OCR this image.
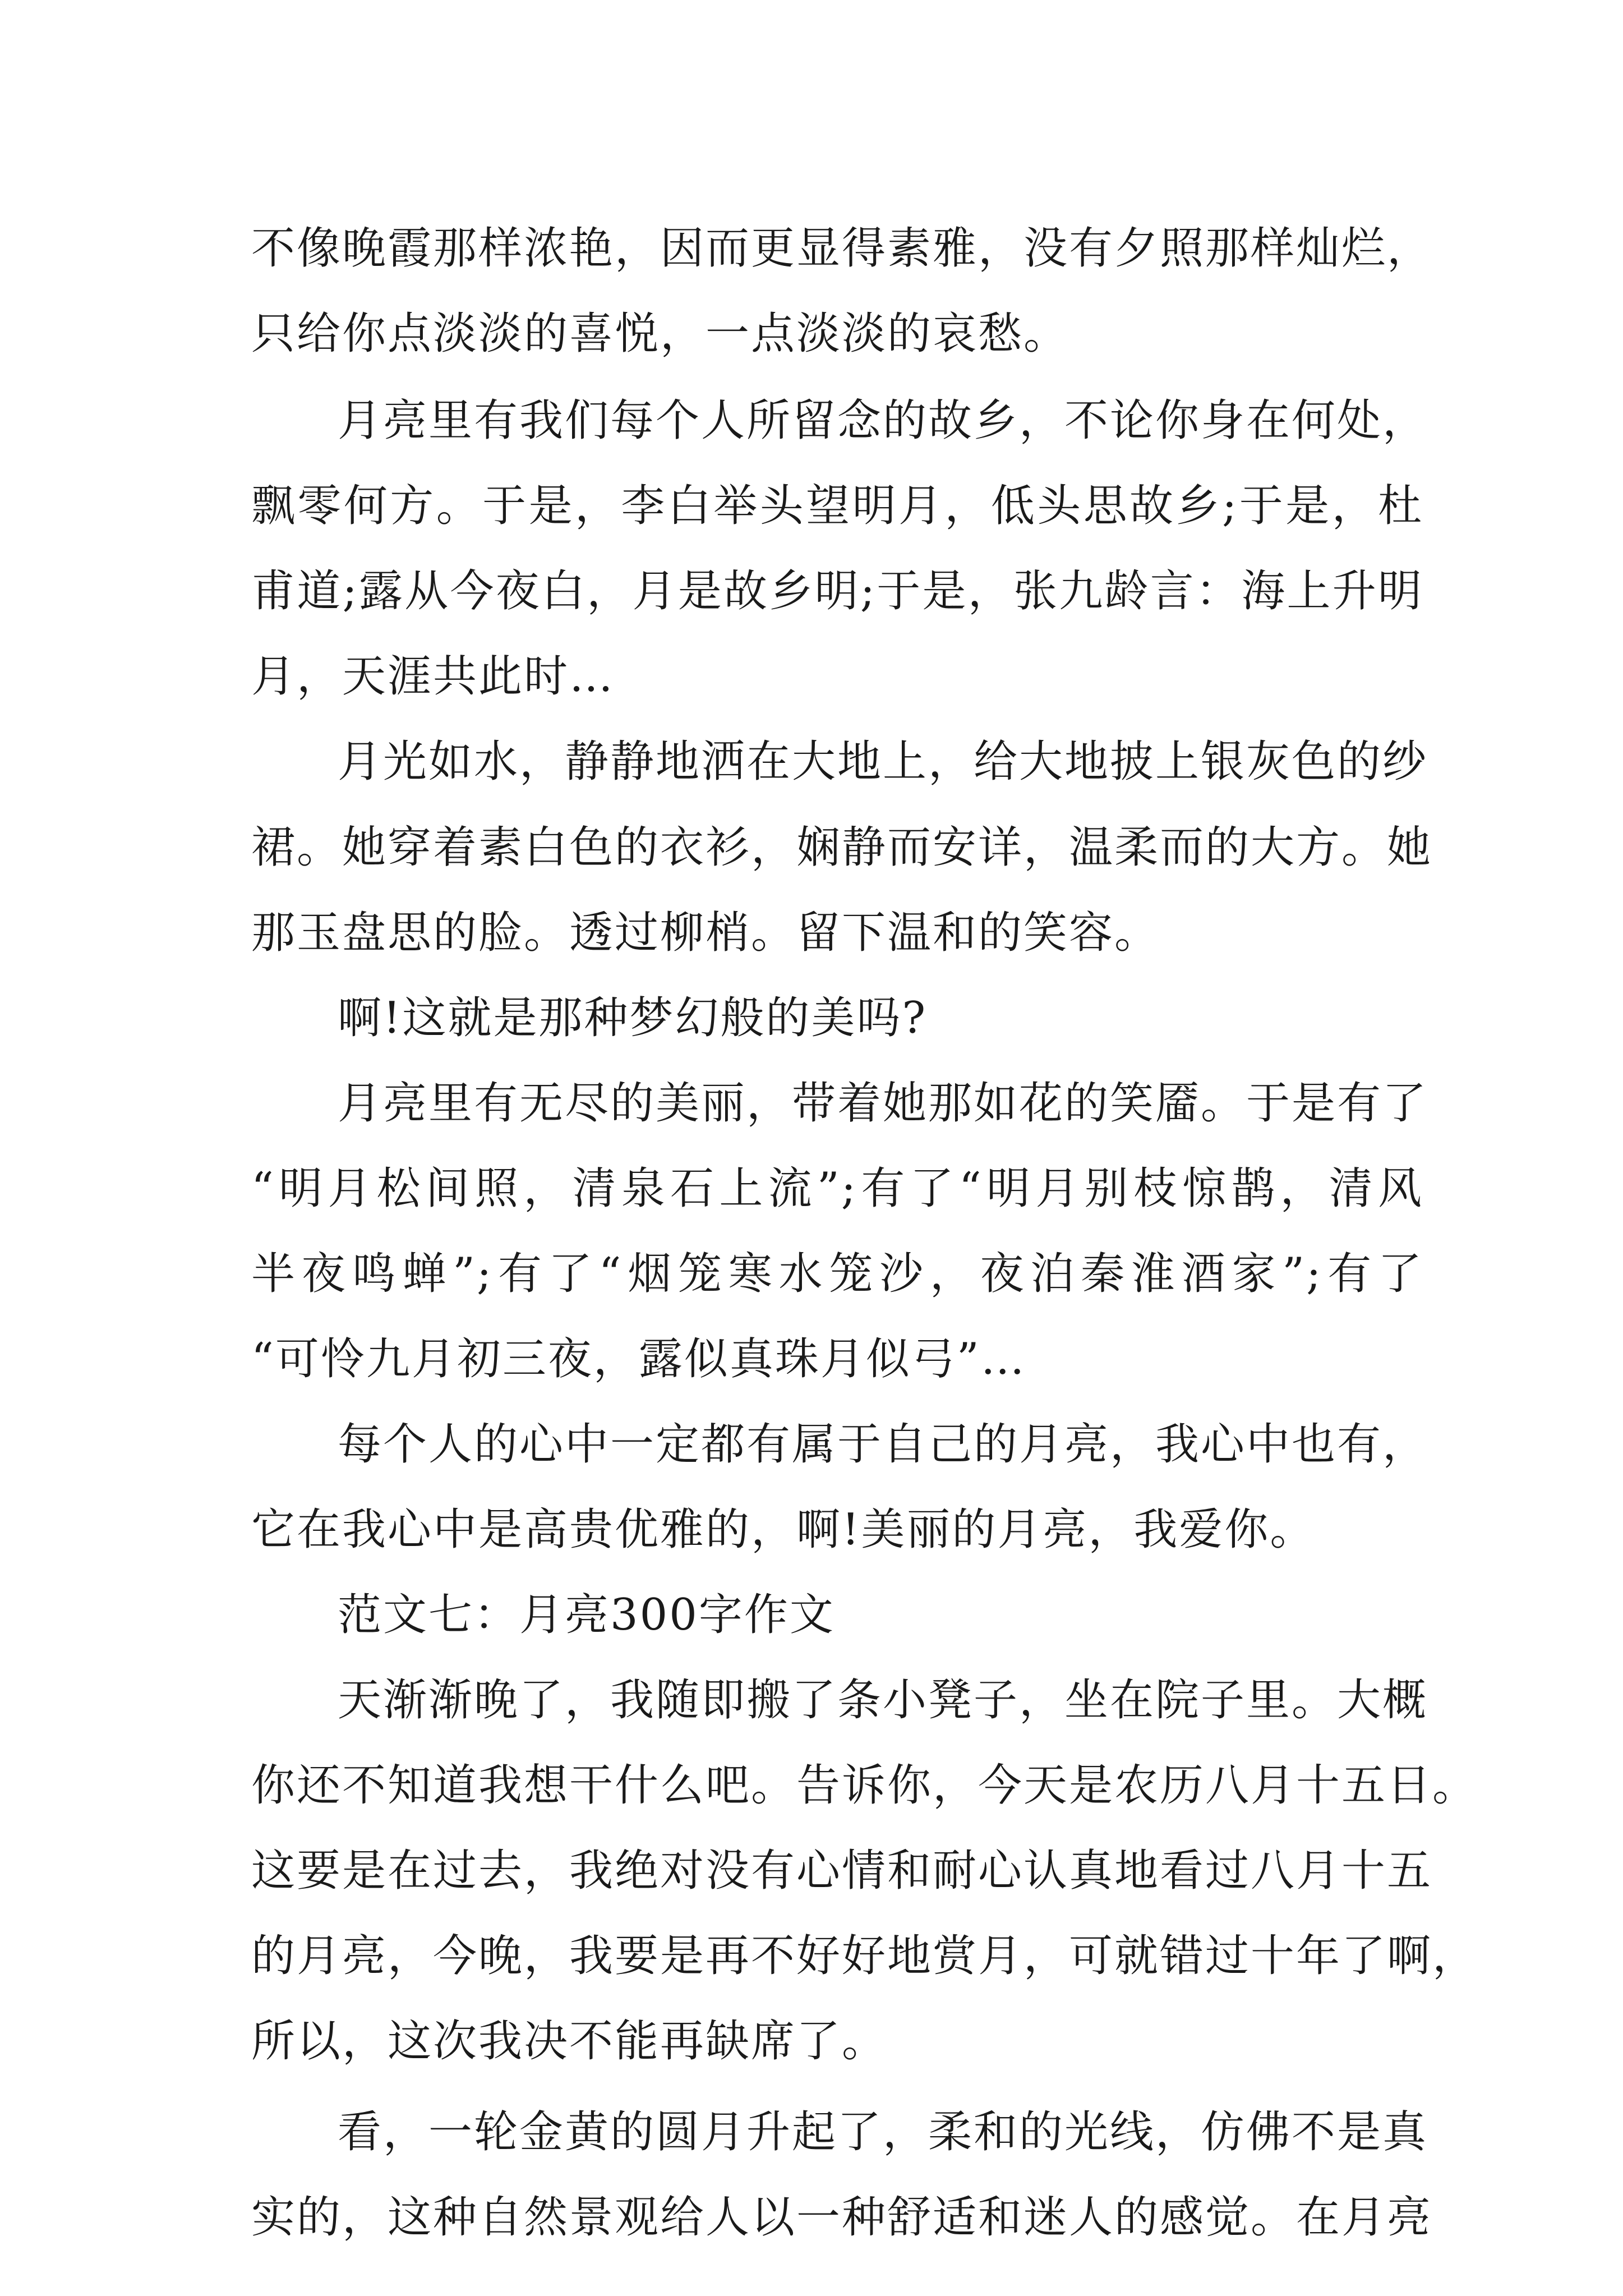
不像晚霞那样浓艳，因而更显得素雅，没有夕照那样灿烂，
只给你点淡淡的喜悦，一点淡淡的哀愁。
月亮里有我们每个人所留念的故乡，不论你身在何处，
飘零何方。于是，李白举头望明月，低头思故乡;于是，杜
甫道;露从今夜白，月是故乡明;于是，张九龄言：海上升明
月，天涯共此时…
月光如水，静静地洒在大地上，给大地披上银灰色的纱
裙。她穿着素白色的衣衫，娴静而安详，温柔而的大方。她
那玉盘思的脸。透过柳梢。留下温和的笑容。
啊!这就是那种梦幻般的美吗?
月亮里有无尽的美丽，带着她那如花的笑靥。于是有了
“明月松间照，清泉石上流”;有了“明月别枝惊鹊，清风
半夜鸣蝉”;有了“烟笼寒水笼沙，夜泊秦淮酒家”;有了
“可怜九月初三夜，露似真珠月似弓”…
每个人的心中一定都有属于自己的月亮，我心中也有，
它在我心中是高贵优雅的，啊!美丽的月亮，我爱你。
范文七：月亮300字作文
天渐渐晚了，我随即搬了条小凳子，坐在院子里。大概
你还不知道我想干什么吧。告诉你，今天是农历八月十五日。
这要是在过去，我绝对没有心情和耐心认真地看过八月十五
的月亮，今晚，我要是再不好好地赏月，可就错过十年了啊，
所以，这次我决不能再缺席了。
看，一轮金黄的圆月升起了，柔和的光线，仿佛不是真
实的，这种自然景观给人以一种舒适和迷人的感觉。在月亮
